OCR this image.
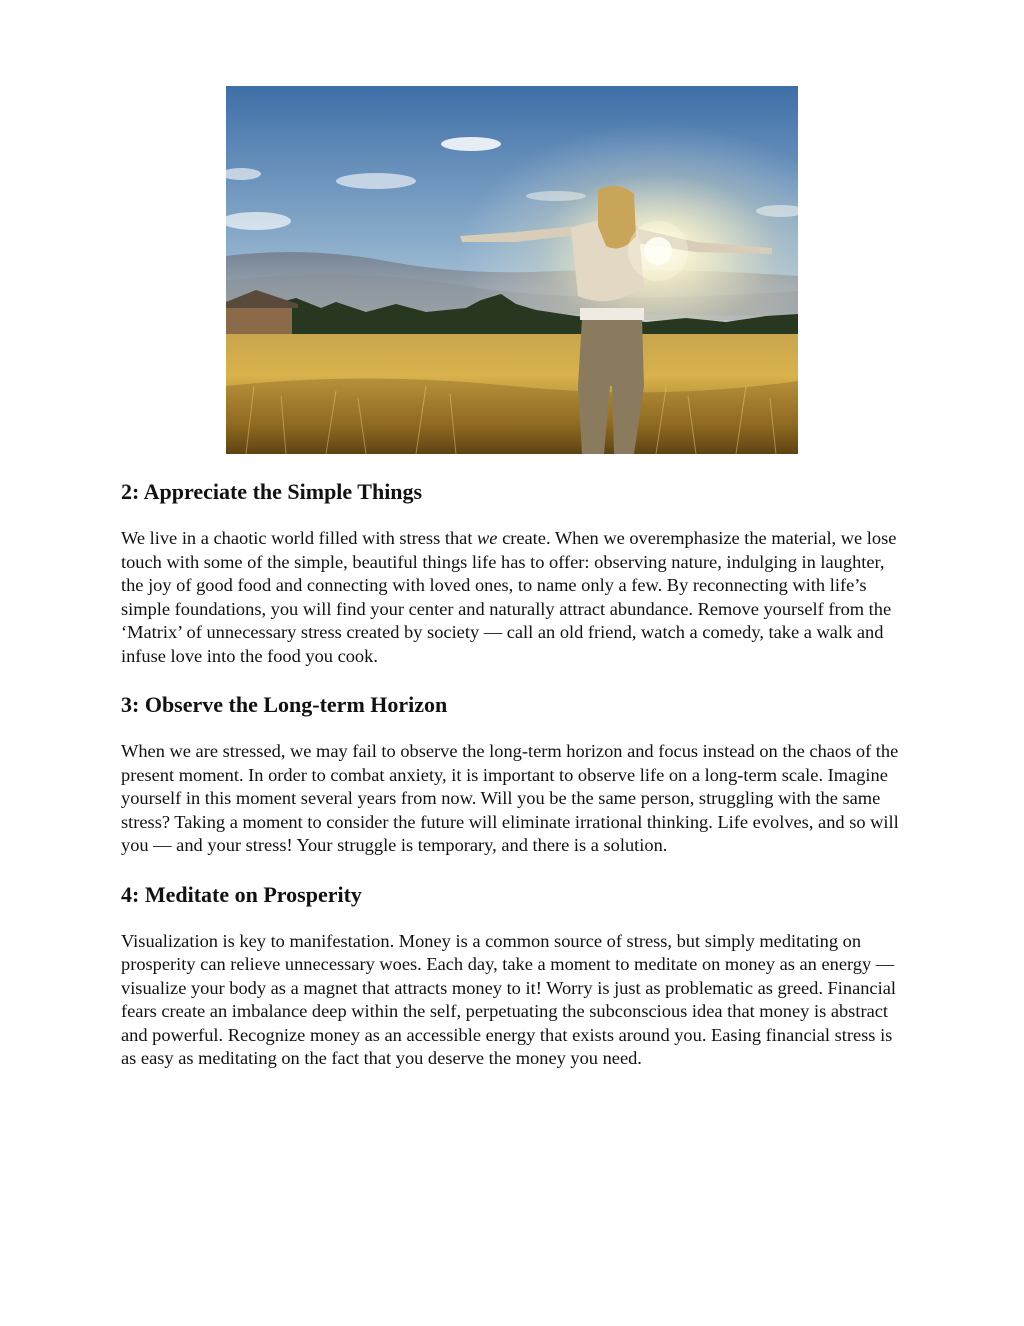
2: Appreciate the Simple Things

We live in a chaotic world filled with stress that we create. When we overemphasize the material, we lose touch with some of the simple, beautiful things life has to offer: observing nature, indulging in laughter, the joy of good food and connecting with loved ones, to name only a few. By reconnecting with life’s simple foundations, you will find your center and naturally attract abundance. Remove yourself from the ‘Matrix’ of unnecessary stress created by society — call an old friend, watch a comedy, take a walk and infuse love into the food you cook.

3: Observe the Long-term Horizon

When we are stressed, we may fail to observe the long-term horizon and focus instead on the chaos of the present moment. In order to combat anxiety, it is important to observe life on a long-term scale. Imagine yourself in this moment several years from now. Will you be the same person, struggling with the same stress? Taking a moment to consider the future will eliminate irrational thinking. Life evolves, and so will you — and your stress! Your struggle is temporary, and there is a solution.

4: Meditate on Prosperity

Visualization is key to manifestation. Money is a common source of stress, but simply meditating on prosperity can relieve unnecessary woes. Each day, take a moment to meditate on money as an energy — visualize your body as a magnet that attracts money to it! Worry is just as problematic as greed. Financial fears create an imbalance deep within the self, perpetuating the subconscious idea that money is abstract and powerful. Recognize money as an accessible energy that exists around you. Easing financial stress is as easy as meditating on the fact that you deserve the money you need.
